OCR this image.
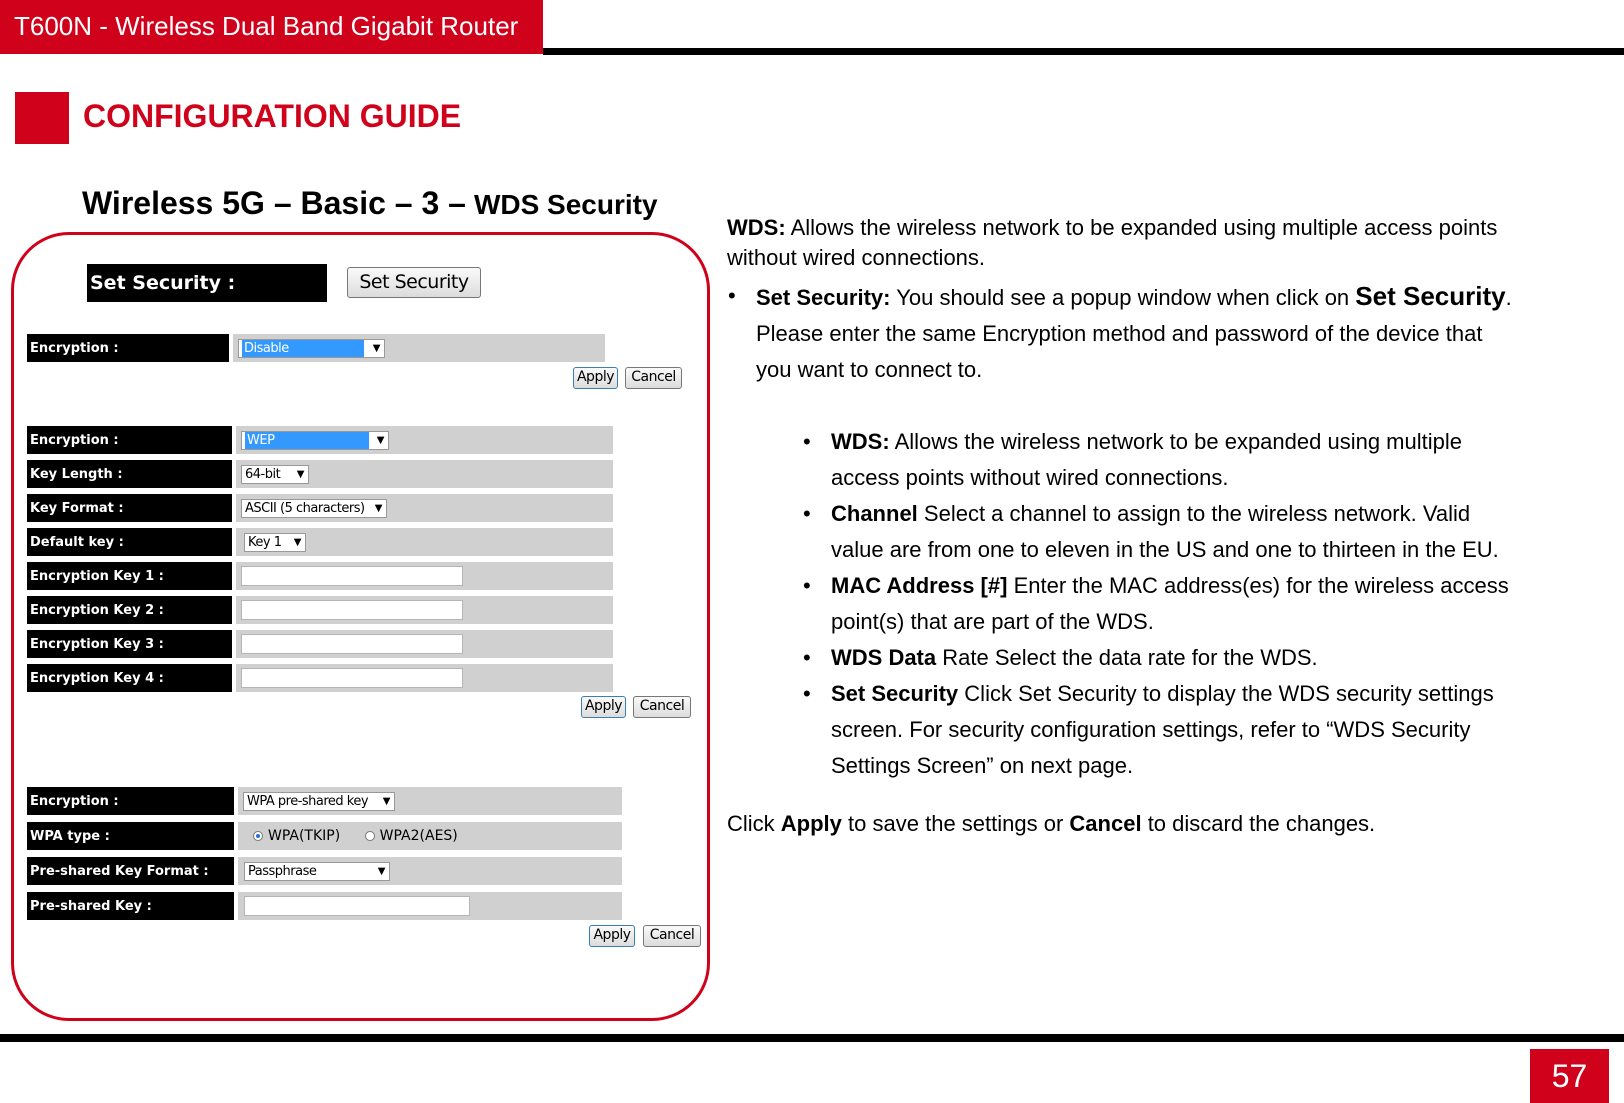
T600N - Wireless Dual Band Gigabit Router
CONFIGURATION GUIDE
Wireless 5G – Basic – 3 – WDS Security
Set Security :	Set Security
Encryption :	Disable	▼
Apply	Cancel
Encryption :	WEP	▼
Key Length :	64-bit ▼
Key Format :	ASCII (5 characters) ▼
Default key :	Key 1 ▼
Encryption Key 1 :
Encryption Key 2 :
Encryption Key 3 :
Encryption Key 4 :
Apply	Cancel
Encryption :	WPA pre-shared key ▼
WPA type :	WPA(TKIP)	WPA2(AES)
Pre-shared Key Format :	Passphrase	▼
Pre-shared Key :
Apply	Cancel
WDS: Allows the wireless network to be expanded using multiple access points
without wired connections.
• Set Security: You should see a popup window when click on Set Security.
Please enter the same Encryption method and password of the device that
you want to connect to.
• WDS: Allows the wireless network to be expanded using multiple
access points without wired connections.
• Channel Select a channel to assign to the wireless network. Valid
value are from one to eleven in the US and one to thirteen in the EU.
• MAC Address [#] Enter the MAC address(es) for the wireless access
point(s) that are part of the WDS.
• WDS Data Rate Select the data rate for the WDS.
• Set Security Click Set Security to display the WDS security settings
screen. For security configuration settings, refer to “WDS Security
Settings Screen” on next page.
Click Apply to save the settings or Cancel to discard the changes.
57
